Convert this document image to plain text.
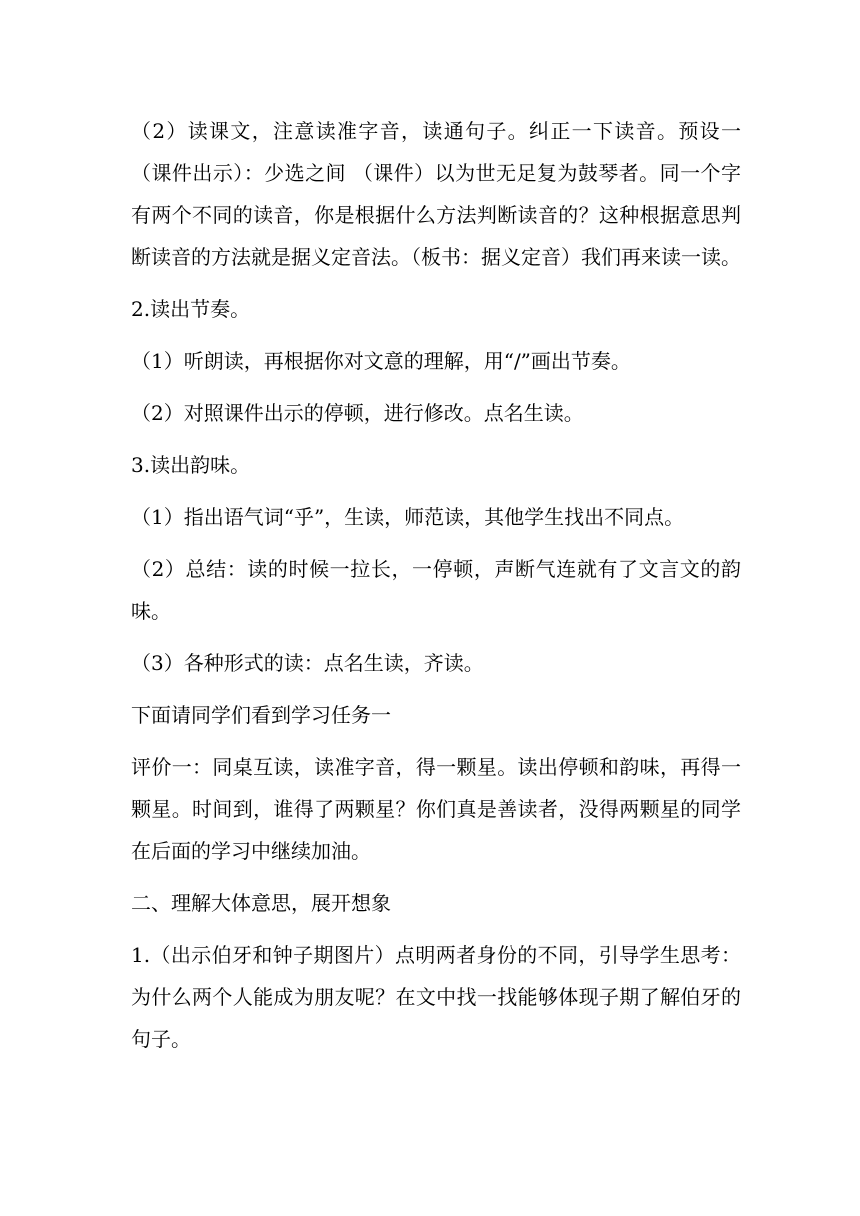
（2）读课文，注意读准字音，读通句子。纠正一下读音。预设一（课件出示）：少选之间 （课件）以为世无足复为鼓琴者。同一个字有两个不同的读音，你是根据什么方法判断读音的？这种根据意思判断读音的方法就是据义定音法。（板书：据义定音）我们再来读一读。

2.读出节奏。

（1）听朗读，再根据你对文意的理解，用“/”画出节奏。

（2）对照课件出示的停顿，进行修改。点名生读。

3.读出韵味。

（1）指出语气词“乎”，生读，师范读，其他学生找出不同点。

（2）总结：读的时候一拉长，一停顿，声断气连就有了文言文的韵味。

（3）各种形式的读：点名生读，齐读。

下面请同学们看到学习任务一

评价一：同桌互读，读准字音，得一颗星。读出停顿和韵味，再得一颗星。时间到，谁得了两颗星？你们真是善读者，没得两颗星的同学在后面的学习中继续加油。

二、理解大体意思，展开想象

1.（出示伯牙和钟子期图片）点明两者身份的不同，引导学生思考：为什么两个人能成为朋友呢？在文中找一找能够体现子期了解伯牙的句子。
